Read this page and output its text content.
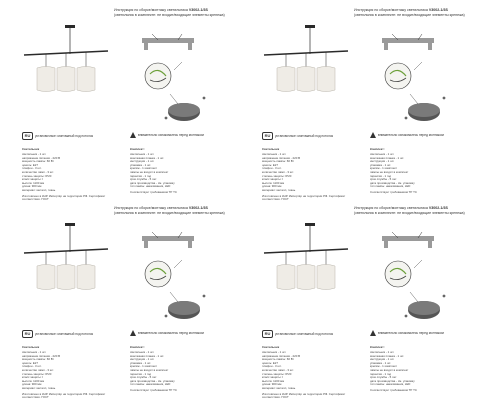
Инструкция по сборке/монтажу светильника V3002-1/3S
(светильник в комплекте: не входит/входящие элементы крепежа)
RU установочные: монтажный под потолок	внимательно ознакомьтесь перед монтажом
Светильник
светильник - 1 шт.
напряжение питания - 220 В
мощность лампы: 60 Вт
цоколь: E27
плафон - 3 шт.
количество ламп - 3 шт.
степень защиты: IP20
класс защиты: I
высота: 1100 мм
длина: 900 мм
материал: металл, ткань
Изготовлено в КНР. Импортёр на территории РФ. Сертификат соответствия. ГОСТ
Комплект:
светильник - 1 шт.
монтажная планка - 1 шт.
инструкция - 1 шт.
упаковка - 1 шт.
крепёж - 1 комплект
лампы не входят в комплект
гарантия - 1 год
срок службы - 5 лет
дата производства - см. упаковку
тип лампы: накаливания, LED
Соответствует требованиям ТР ТС
Инструкция по сборке/монтажу светильника V3002-1/3S
(светильник в комплекте: не входит/входящие элементы крепежа)
RU установочные: монтажный под потолок	внимательно ознакомьтесь перед монтажом
Светильник
светильник - 1 шт.
напряжение питания - 220 В
мощность лампы: 60 Вт
цоколь: E27
плафон - 3 шт.
количество ламп - 3 шт.
степень защиты: IP20
класс защиты: I
высота: 1100 мм
длина: 900 мм
материал: металл, ткань
Изготовлено в КНР. Импортёр на территории РФ. Сертификат соответствия. ГОСТ
Комплект:
светильник - 1 шт.
монтажная планка - 1 шт.
инструкция - 1 шт.
упаковка - 1 шт.
крепёж - 1 комплект
лампы не входят в комплект
гарантия - 1 год
срок службы - 5 лет
дата производства - см. упаковку
тип лампы: накаливания, LED
Соответствует требованиям ТР ТС
Инструкция по сборке/монтажу светильника V3002-1/3S
(светильник в комплекте: не входит/входящие элементы крепежа)
RU установочные: монтажный под потолок	внимательно ознакомьтесь перед монтажом
Светильник
светильник - 1 шт.
напряжение питания - 220 В
мощность лампы: 60 Вт
цоколь: E27
плафон - 3 шт.
количество ламп - 3 шт.
степень защиты: IP20
класс защиты: I
высота: 1100 мм
длина: 900 мм
материал: металл, ткань
Изготовлено в КНР. Импортёр на территории РФ. Сертификат соответствия. ГОСТ
Комплект:
светильник - 1 шт.
монтажная планка - 1 шт.
инструкция - 1 шт.
упаковка - 1 шт.
крепёж - 1 комплект
лампы не входят в комплект
гарантия - 1 год
срок службы - 5 лет
дата производства - см. упаковку
тип лампы: накаливания, LED
Соответствует требованиям ТР ТС
Инструкция по сборке/монтажу светильника V3002-1/3S
(светильник в комплекте: не входит/входящие элементы крепежа)
RU установочные: монтажный под потолок	внимательно ознакомьтесь перед монтажом
Светильник
светильник - 1 шт.
напряжение питания - 220 В
мощность лампы: 60 Вт
цоколь: E27
плафон - 3 шт.
количество ламп - 3 шт.
степень защиты: IP20
класс защиты: I
высота: 1100 мм
длина: 900 мм
материал: металл, ткань
Изготовлено в КНР. Импортёр на территории РФ. Сертификат соответствия. ГОСТ
Комплект:
светильник - 1 шт.
монтажная планка - 1 шт.
инструкция - 1 шт.
упаковка - 1 шт.
крепёж - 1 комплект
лампы не входят в комплект
гарантия - 1 год
срок службы - 5 лет
дата производства - см. упаковку
тип лампы: накаливания, LED
Соответствует требованиям ТР ТС
